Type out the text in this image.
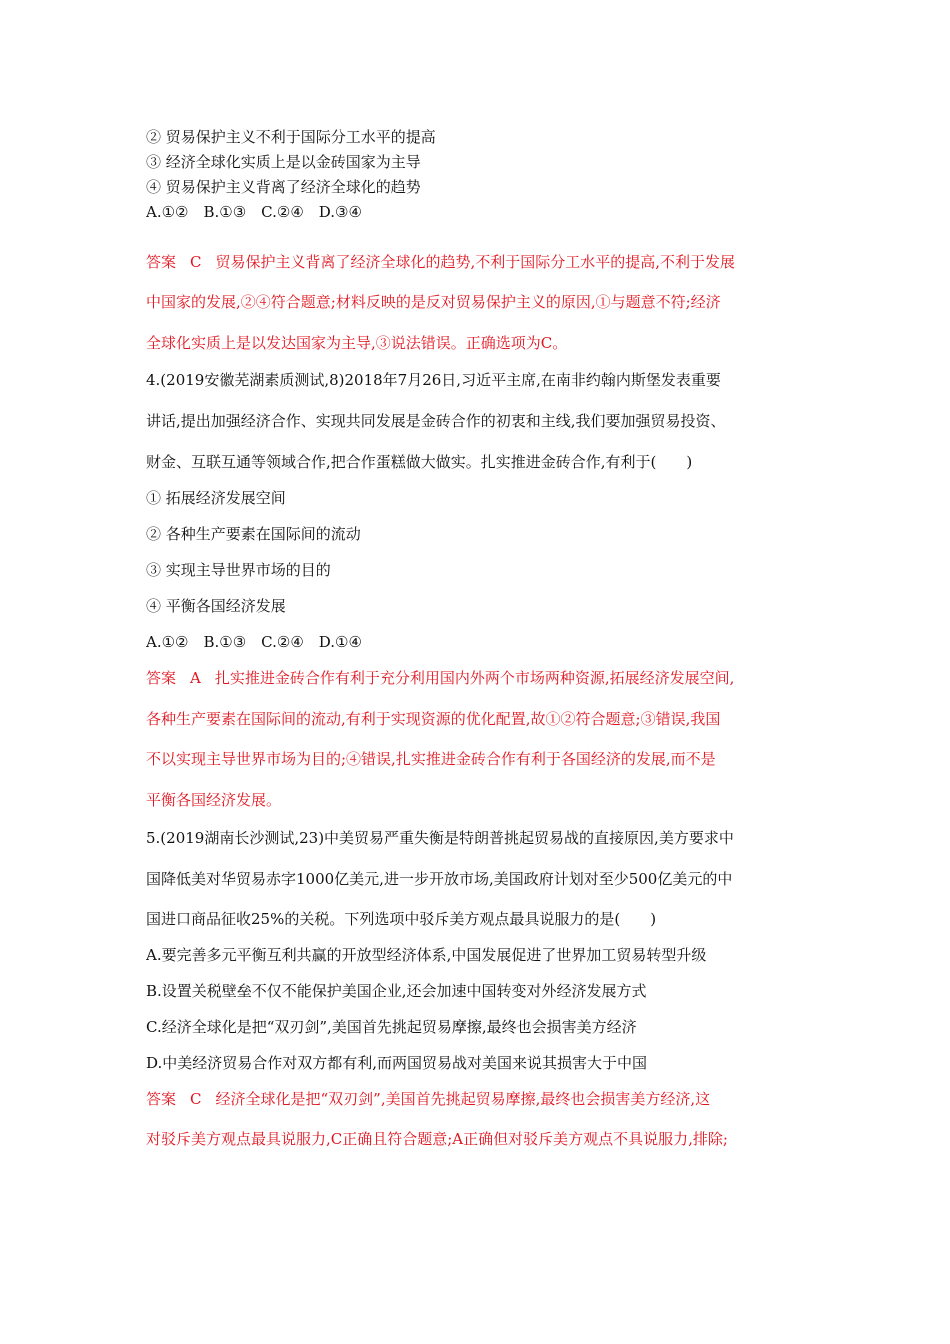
② 贸易保护主义不利于国际分工水平的提高
③ 经济全球化实质上是以金砖国家为主导
④ 贸易保护主义背离了经济全球化的趋势
A.①②　B.①③　C.②④　D.③④
答案 C 贸易保护主义背离了经济全球化的趋势,不利于国际分工水平的提高,不利于发展
中国家的发展,②④符合题意;材料反映的是反对贸易保护主义的原因,①与题意不符;经济
全球化实质上是以发达国家为主导,③说法错误。正确选项为C。
4.(2019安徽芜湖素质测试,8)2018年7月26日,习近平主席,在南非约翰内斯堡发表重要
讲话,提出加强经济合作、实现共同发展是金砖合作的初衷和主线,我们要加强贸易投资、
财金、互联互通等领域合作,把合作蛋糕做大做实。扎实推进金砖合作,有利于(　　)
① 拓展经济发展空间
② 各种生产要素在国际间的流动
③ 实现主导世界市场的目的
④ 平衡各国经济发展
A.①②　B.①③　C.②④　D.①④
答案 A 扎实推进金砖合作有利于充分利用国内外两个市场两种资源,拓展经济发展空间,
各种生产要素在国际间的流动,有利于实现资源的优化配置,故①②符合题意;③错误,我国
不以实现主导世界市场为目的;④错误,扎实推进金砖合作有利于各国经济的发展,而不是
平衡各国经济发展。
5.(2019湖南长沙测试,23)中美贸易严重失衡是特朗普挑起贸易战的直接原因,美方要求中
国降低美对华贸易赤字1000亿美元,进一步开放市场,美国政府计划对至少500亿美元的中
国进口商品征收25%的关税。下列选项中驳斥美方观点最具说服力的是(　　)
A.要完善多元平衡互利共赢的开放型经济体系,中国发展促进了世界加工贸易转型升级
B.设置关税壁垒不仅不能保护美国企业,还会加速中国转变对外经济发展方式
C.经济全球化是把“双刃剑”,美国首先挑起贸易摩擦,最终也会损害美方经济
D.中美经济贸易合作对双方都有利,而两国贸易战对美国来说其损害大于中国
答案 C 经济全球化是把“双刃剑”,美国首先挑起贸易摩擦,最终也会损害美方经济,这
对驳斥美方观点最具说服力,C正确且符合题意;A正确但对驳斥美方观点不具说服力,排除;
